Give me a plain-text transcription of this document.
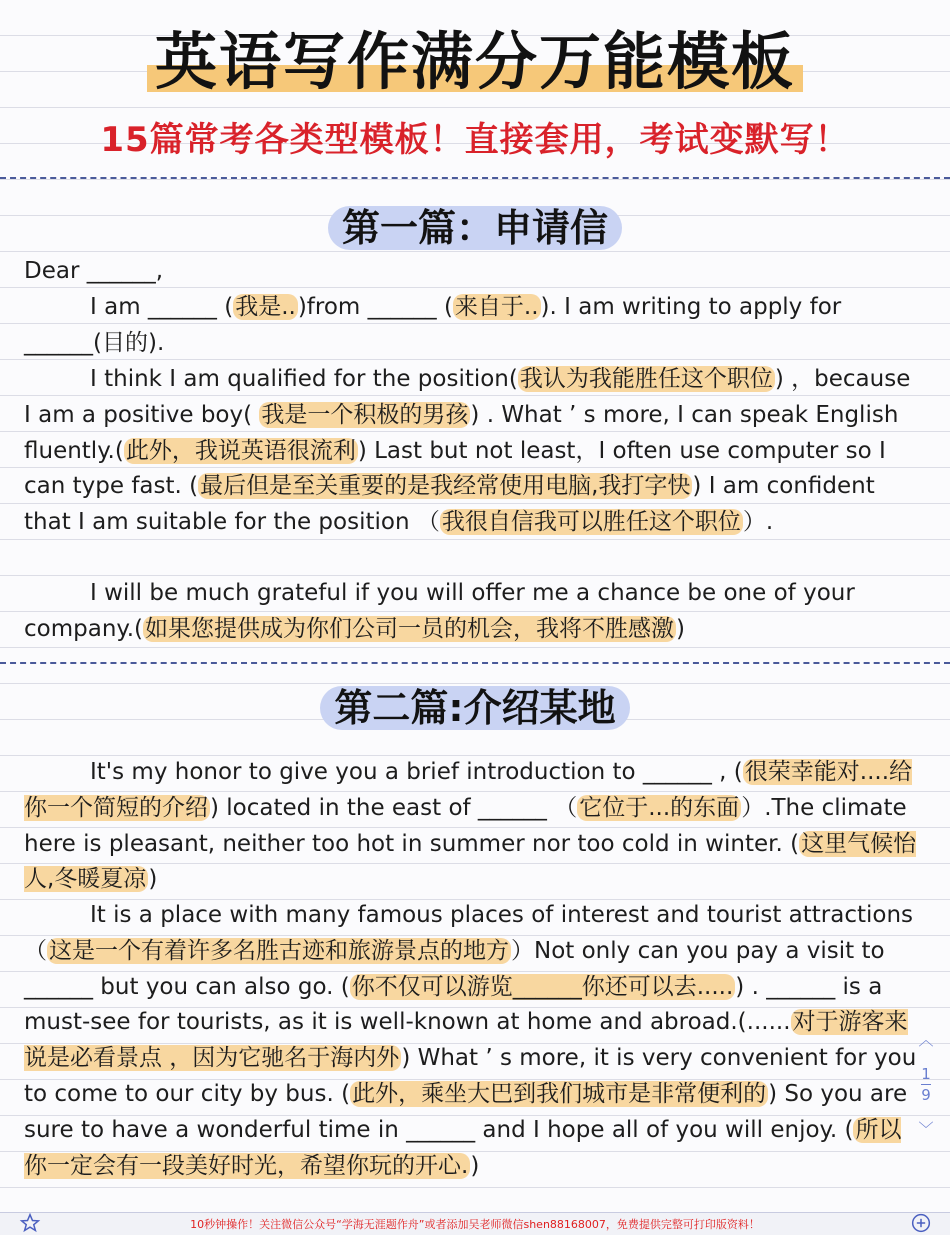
英语写作满分万能模板
15篇常考各类型模板！直接套用，考试变默写！
第一篇：申请信
Dear ______,
I am ______ (我是..)from ______ (来自于..). I am writing to apply for ______(目的).
I think I am qualified for the position(我认为我能胜任这个职位) ，because I am a positive boy( 我是一个积极的男孩) . What ’ s more, I can speak English fluently.(此外，我说英语很流利) Last but not least，I often use computer so I can type fast. (最后但是至关重要的是我经常使用电脑,我打字快) I am confident that I am suitable for the position （我很自信我可以胜任这个职位）.
I will be much grateful if you will offer me a chance be one of your company.(如果您提供成为你们公司一员的机会，我将不胜感激)
第二篇:介绍某地
It's my honor to give you a brief introduction to ______ , (很荣幸能对....给你一个简短的介绍) located in the east of ______ （它位于...的东面）.The climate here is pleasant, neither too hot in summer nor too cold in winter. (这里气候怡人,冬暖夏凉)
It is a place with many famous places of interest and tourist attractions （这是一个有着许多名胜古迹和旅游景点的地方）Not only can you pay a visit to ______ but you can also go. (你不仅可以游览______你还可以去.....) . ______ is a must-see for tourists, as it is well-known at home and abroad.(......对于游客来说是必看景点 ，因为它驰名于海内外) What ’ s more, it is very convenient for you to come to our city by bus. (此外，乘坐大巴到我们城市是非常便利的) So you are sure to have a wonderful time in ______ and I hope all of you will enjoy. (所以你一定会有一段美好时光，希望你玩的开心.)
︿
1
9
﹀
10秒钟操作！关注微信公众号“学海无涯题作舟”或者添加吴老师微信shen88168007，免费提供完整可打印版资料！
